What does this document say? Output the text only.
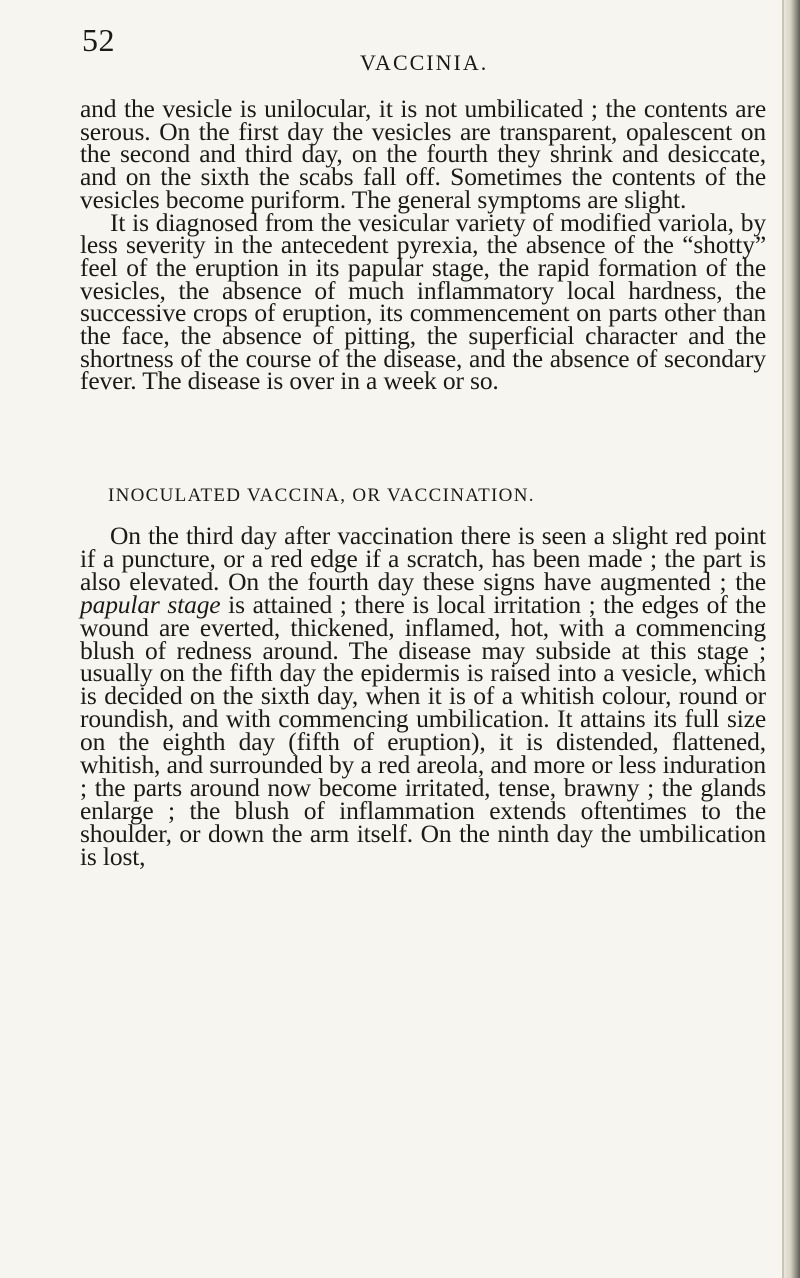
52
VACCINIA.

and the vesicle is unilocular, it is not umbilicated ; the contents are serous. On the first day the vesicles are transparent, opalescent on the second and third day, on the fourth they shrink and desiccate, and on the sixth the scabs fall off. Sometimes the contents of the vesicles become puriform. The general symptoms are slight.

It is diagnosed from the vesicular variety of modified variola, by less severity in the antecedent pyrexia, the absence of the “shotty” feel of the eruption in its papular stage, the rapid formation of the vesicles, the absence of much inflammatory local hardness, the successive crops of eruption, its commencement on parts other than the face, the absence of pitting, the superficial character and the shortness of the course of the disease, and the absence of secondary fever. The disease is over in a week or so.

INOCULATED VACCINA, OR VACCINATION.

On the third day after vaccination there is seen a slight red point if a puncture, or a red edge if a scratch, has been made ; the part is also elevated. On the fourth day these signs have augmented ; the papular stage is attained ; there is local irritation ; the edges of the wound are everted, thickened, inflamed, hot, with a commencing blush of redness around. The disease may subside at this stage ; usually on the fifth day the epidermis is raised into a vesicle, which is decided on the sixth day, when it is of a whitish colour, round or roundish, and with commencing umbilication. It attains its full size on the eighth day (fifth of eruption), it is distended, flattened, whitish, and surrounded by a red areola, and more or less induration ; the parts around now become irritated, tense, brawny ; the glands enlarge ; the blush of inflammation extends oftentimes to the shoulder, or down the arm itself. On the ninth day the umbilication is lost,
